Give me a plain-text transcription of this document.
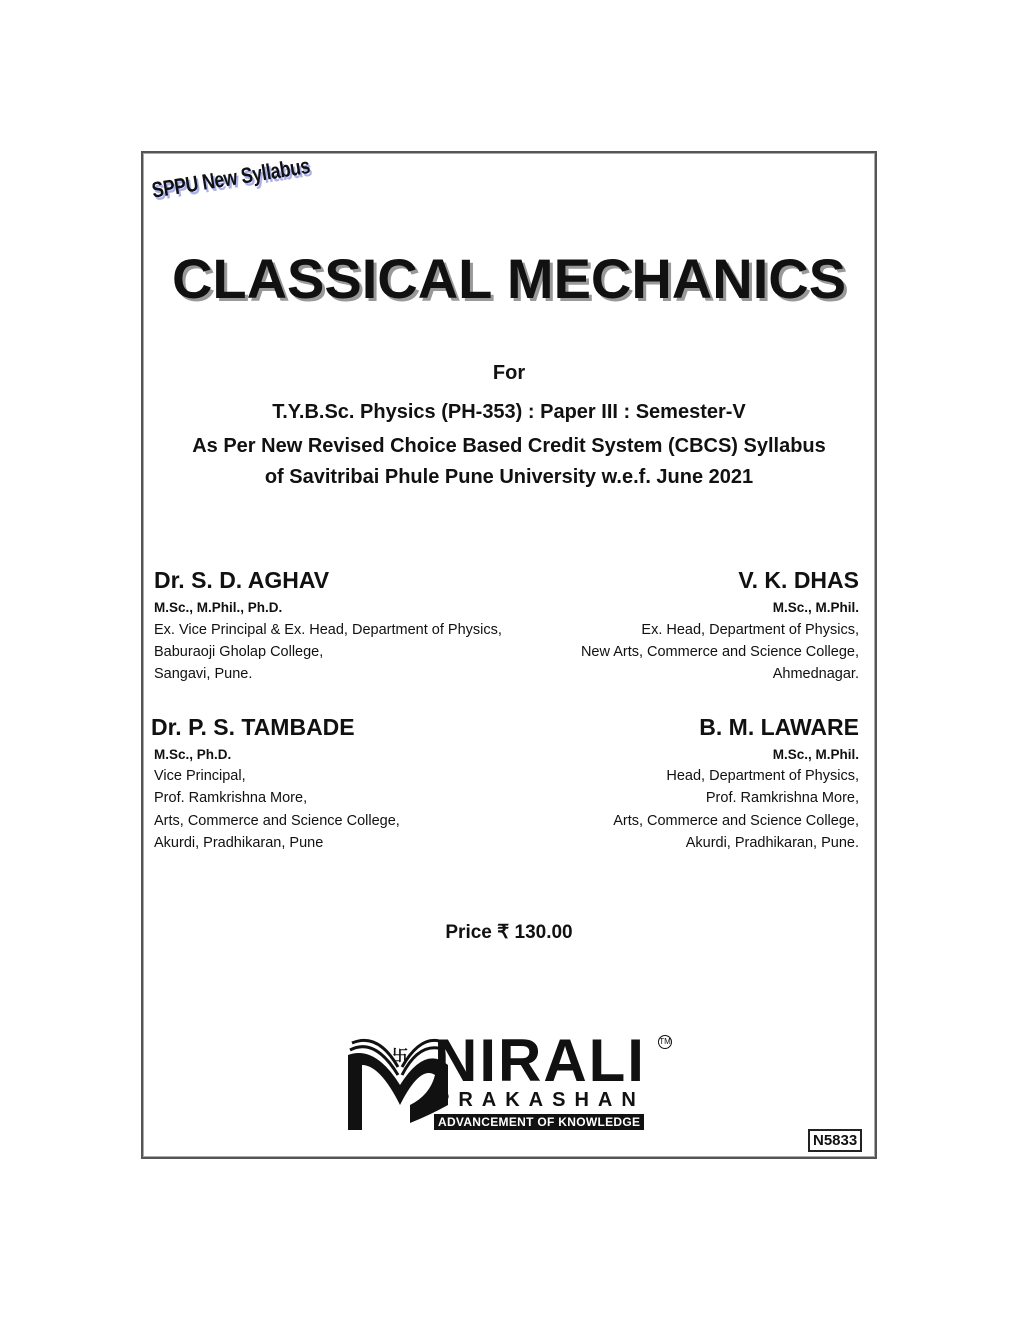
SPPU New Syllabus
CLASSICAL MECHANICS
For
T.Y.B.Sc. Physics (PH-353) : Paper III : Semester-V
As Per New Revised Choice Based Credit System (CBCS) Syllabus
of Savitribai Phule Pune University w.e.f. June 2021
Dr. S. D. AGHAV
M.Sc., M.Phil., Ph.D.
Ex. Vice Principal & Ex. Head, Department of Physics,
Baburaoji Gholap College,
Sangavi, Pune.
V. K. DHAS
M.Sc., M.Phil.
Ex. Head, Department of Physics,
New Arts, Commerce and Science College,
Ahmednagar.
Dr. P. S. TAMBADE
M.Sc., Ph.D.
Vice Principal,
Prof. Ramkrishna More,
Arts, Commerce and Science College,
Akurdi, Pradhikaran, Pune
B. M. LAWARE
M.Sc., M.Phil.
Head, Department of Physics,
Prof. Ramkrishna More,
Arts, Commerce and Science College,
Akurdi, Pradhikaran, Pune.
Price ₹ 130.00
卐 NIRALI TM
PRAKASHAN
ADVANCEMENT OF KNOWLEDGE
N5833
